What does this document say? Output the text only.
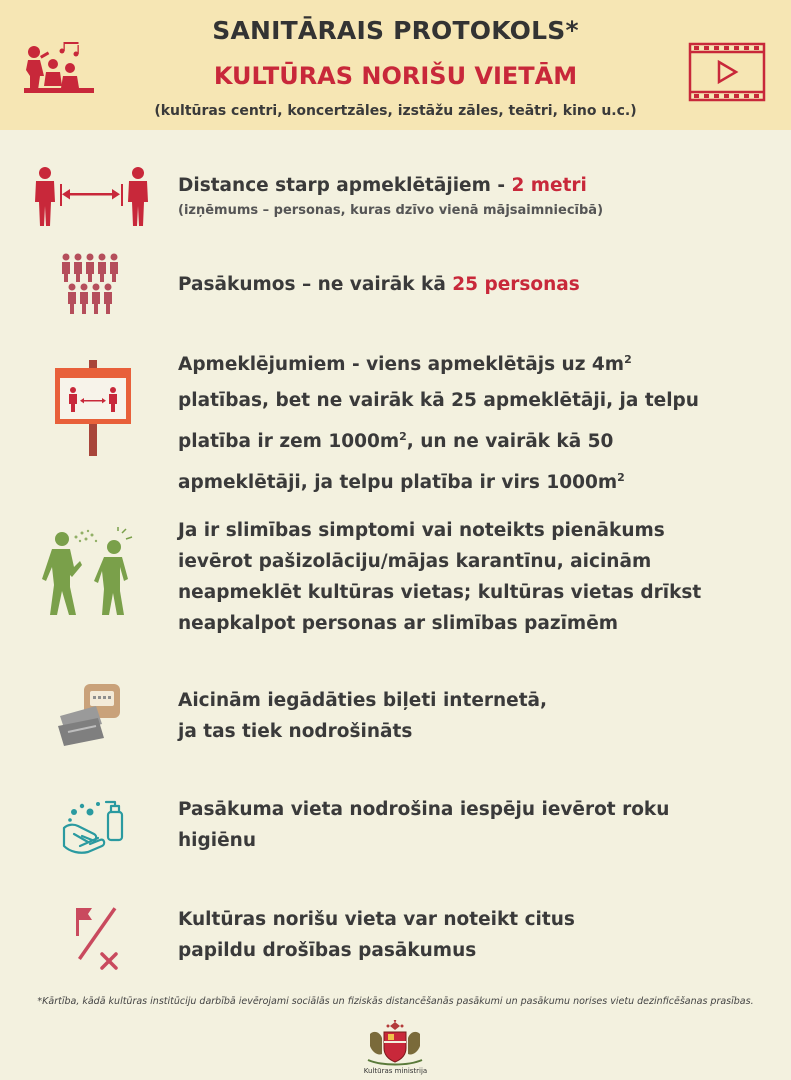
SANITĀRAIS PROTOKOLS*
KULTŪRAS NORIŠU VIETĀM
(kultūras centri, koncertzāles, izstāžu zāles, teātri, kino u.c.)
Distance starp apmeklētājiem - 2 metri
(izņēmums – personas, kuras dzīvo vienā mājsaimniecībā)
Pasākumos – ne vairāk kā 25 personas
Apmeklējumiem - viens apmeklētājs uz $4m^2$
platības, bet ne vairāk kā 25 apmeklētāji, ja telpu
platība ir zem $1000m^2$, un ne vairāk kā 50
apmeklētāji, ja telpu platība ir virs $1000m^2$
Ja ir slimības simptomi vai noteikts pienākums
ievērot pašizolāciju/mājas karantīnu, aicinām
neapmeklēt kultūras vietas; kultūras vietas drīkst
neapkalpot personas ar slimības pazīmēm
Aicinām iegādāties biļeti internetā,
ja tas tiek nodrošināts
Pasākuma vieta nodrošina iespēju ievērot roku
higiēnu
Kultūras norišu vieta var noteikt citus
papildu drošības pasākumus
*Kārtība, kādā kultūras institūciju darbībā ievērojami sociālās un fiziskās distancēšanās pasākumi un pasākumu norises vietu dezinficēšanas prasības.
Kultūras ministrija
